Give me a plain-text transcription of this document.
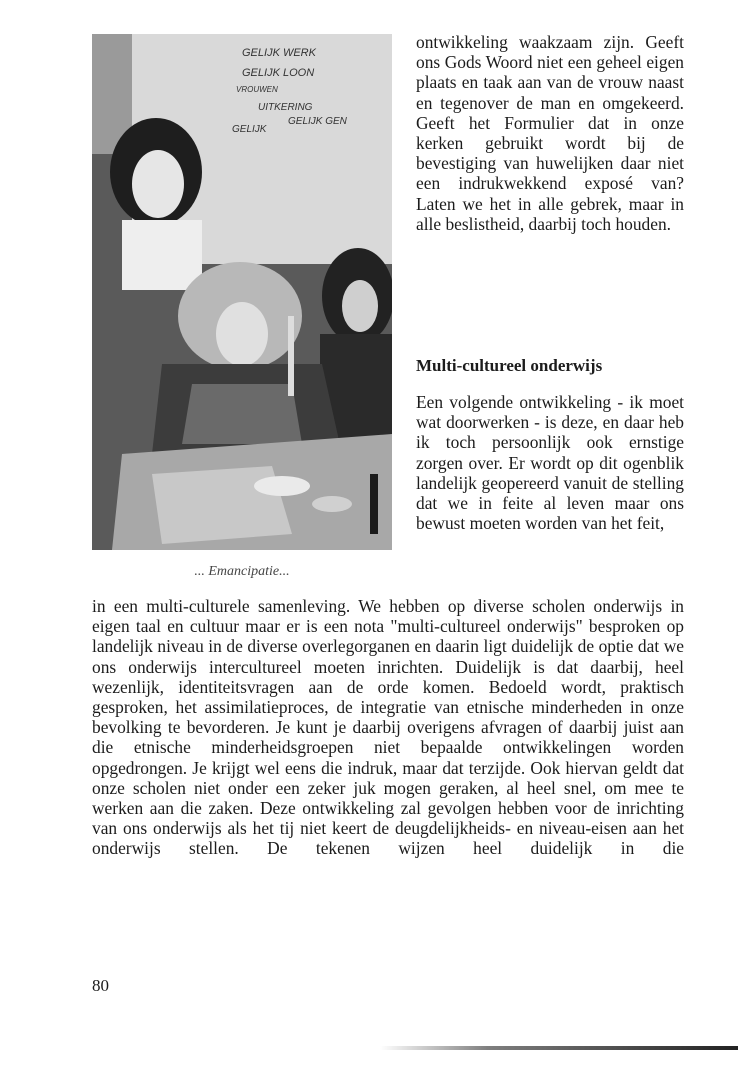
GELIJK WERK
GELIJK LOON
VROUWEN
UITKERING
GELIJK
GELIJK GEN
... Emancipatie...

ontwikkeling waakzaam zijn. Geeft ons Gods Woord niet een geheel eigen plaats en taak aan van de vrouw naast en tegenover de man en omgekeerd. Geeft het Formulier dat in onze kerken gebruikt wordt bij de bevestiging van huwelijken daar niet een indrukwekkend exposé van? Laten we het in alle gebrek, maar in alle beslistheid, daarbij toch houden.

Multi-cultureel onderwijs

Een volgende ontwikkeling - ik moet wat doorwerken - is deze, en daar heb ik toch persoonlijk ook ernstige zorgen over. Er wordt op dit ogenblik landelijk geopereerd vanuit de stelling dat we in feite al leven maar ons bewust moeten worden van het feit,

in een multi-culturele samenleving. We hebben op diverse scholen onderwijs in eigen taal en cultuur maar er is een nota "multi-cultureel onderwijs" besproken op landelijk niveau in de diverse overlegorganen en daarin ligt duidelijk de optie dat we ons onderwijs intercultureel moeten inrichten. Duidelijk is dat daarbij, heel wezenlijk, identiteitsvragen aan de orde komen. Bedoeld wordt, praktisch gesproken, het assimilatieproces, de integratie van etnische minderheden in onze bevolking te bevorderen. Je kunt je daarbij overigens afvragen of daarbij juist aan die etnische minderheidsgroepen niet bepaalde ontwikkelingen worden opgedrongen. Je krijgt wel eens die indruk, maar dat terzijde. Ook hiervan geldt dat onze scholen niet onder een zeker juk mogen geraken, al heel snel, om mee te werken aan die zaken. Deze ontwikkeling zal gevolgen hebben voor de inrichting van ons onderwijs als het tij niet keert de deugdelijkheids- en niveau-eisen aan het onderwijs stellen. De tekenen wijzen heel duidelijk in die

80
